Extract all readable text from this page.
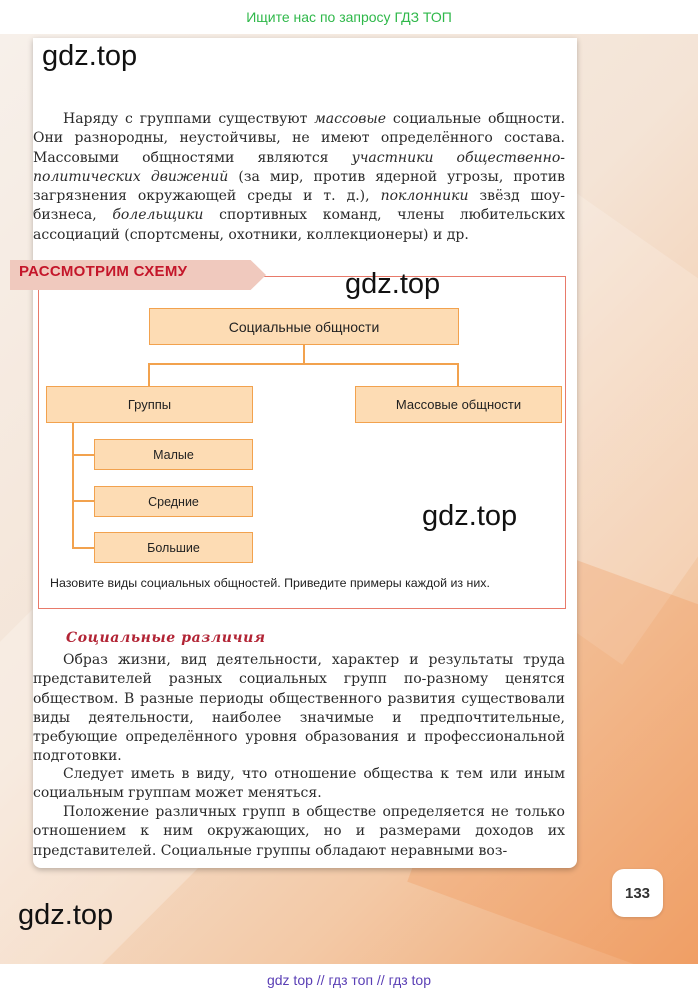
Ищите нас по запросу ГДЗ ТОП
gdz.top

Наряду с группами существуют массовые социальные общности. Они разнородны, неустойчивы, не имеют определённого состава. Массовыми общностями являются участники общественно-политических движений (за мир, против ядерной угрозы, против загрязнения окружающей среды и т. д.), поклонники звёзд шоу-бизнеса, болельщики спортивных команд, члены любительских ассоциаций (спортсмены, охотники, коллекционеры) и др.

РАССМОТРИМ СХЕМУ	gdz.top
Социальные общности
Группы	Массовые общности
Малые
Средние
Большие
gdz.top
Назовите виды социальных общностей. Приведите примеры каждой из них.
Социальные различия

Образ жизни, вид деятельности, характер и результаты труда представителей разных социальных групп по-разному ценятся обществом. В разные периоды общественного развития существовали виды деятельности, наиболее значимые и предпочтительные, требующие определённого уровня образования и профессиональной подготовки.

Следует иметь в виду, что отношение общества к тем или иным социальным группам может меняться.

Положение различных групп в обществе определяется не только отношением к ним окружающих, но и размерами доходов их представителей. Социальные группы обладают неравными воз-

133
gdz.top
gdz top // гдз топ // гдз top
